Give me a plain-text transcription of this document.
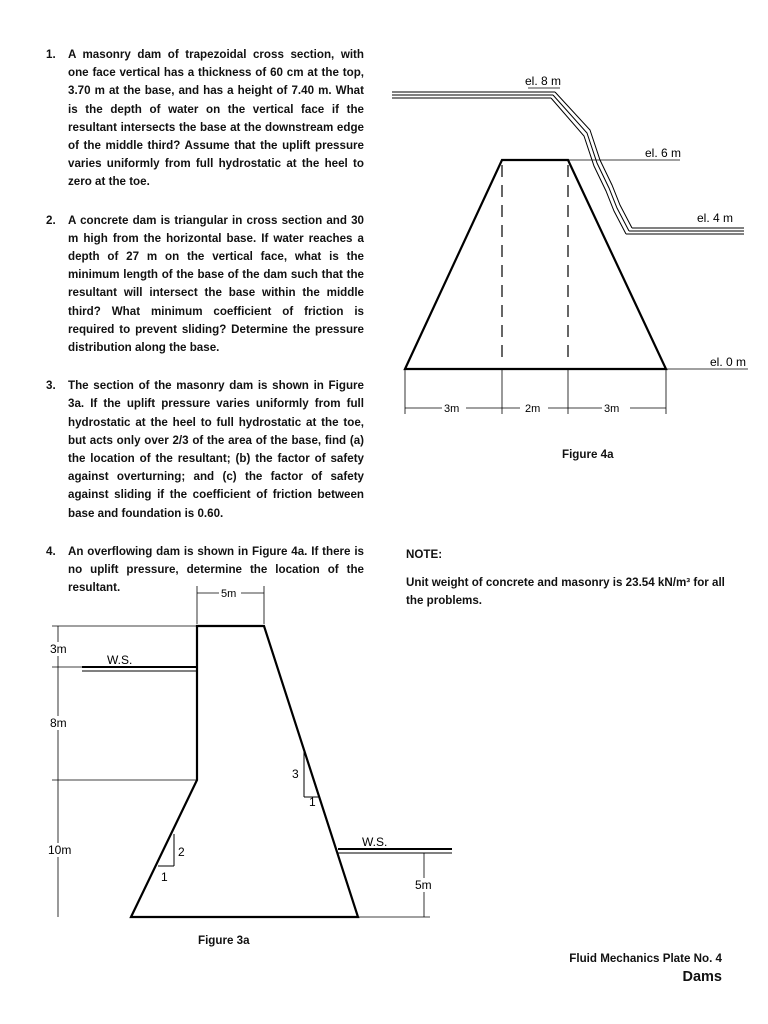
1. A masonry dam of trapezoidal cross section, with one face vertical has a thickness of 60 cm at the top, 3.70 m at the base, and has a height of 7.40 m. What is the depth of water on the vertical face if the resultant intersects the base at the downstream edge of the middle third? Assume that the uplift pressure varies uniformly from full hydrostatic at the heel to zero at the toe.
2. A concrete dam is triangular in cross section and 30 m high from the horizontal base. If water reaches a depth of 27 m on the vertical face, what is the minimum length of the base of the dam such that the resultant will intersect the base within the middle third? What minimum coefficient of friction is required to prevent sliding? Determine the pressure distribution along the base.
3. The section of the masonry dam is shown in Figure 3a. If the uplift pressure varies uniformly from full hydrostatic at the heel to full hydrostatic at the toe, but acts only over 2/3 of the area of the base, find (a) the location of the resultant; (b) the factor of safety against overturning; and (c) the factor of safety against sliding if the coefficient of friction between base and foundation is 0.60.
4. An overflowing dam is shown in Figure 4a. If there is no uplift pressure, determine the location of the resultant.
el. 8 m
el. 6 m
el. 4 m
el. 0 m
3m	2m	3m
Figure 4a
5m
3m
8m
10m
W.S.
W.S.
5m
3
1
2
1
Figure 3a
NOTE:
Unit weight of concrete and masonry is 23.54 kN/m³ for all the problems.
Fluid Mechanics Plate No. 4
Dams
